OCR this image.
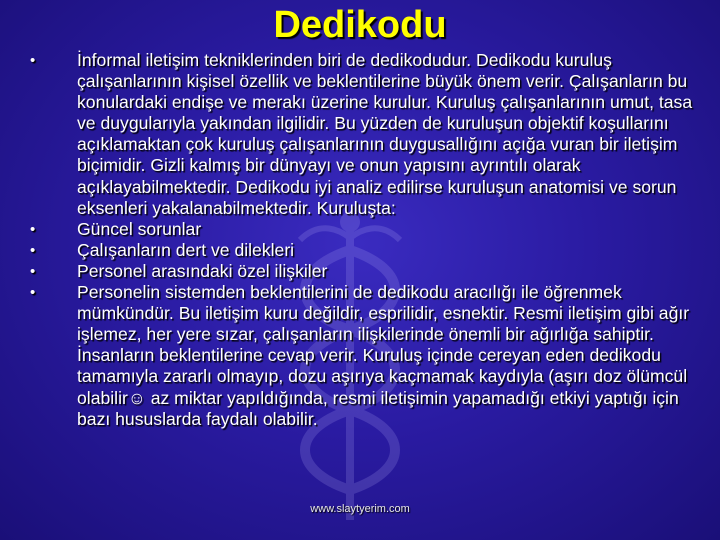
Dedikodu
• İnformal iletişim tekniklerinden biri de dedikodudur. Dedikodu kuruluş çalışanlarının kişisel özellik ve beklentilerine büyük önem verir. Çalışanların bu konulardaki endişe ve merakı üzerine kurulur. Kuruluş çalışanlarının umut, tasa ve duygularıyla yakından ilgilidir. Bu yüzden de kuruluşun objektif koşullarını açıklamaktan çok kuruluş çalışanlarının duygusallığını açığa vuran bir iletişim biçimidir. Gizli kalmış bir dünyayı ve onun yapısını ayrıntılı olarak açıklayabilmektedir. Dedikodu iyi analiz edilirse kuruluşun anatomisi ve sorun eksenleri yakalanabilmektedir. Kuruluşta:
• Güncel sorunlar
• Çalışanların dert ve dilekleri
• Personel arasındaki özel ilişkiler
• Personelin sistemden beklentilerini de dedikodu aracılığı ile öğrenmek mümkündür. Bu iletişim kuru değildir, esprilidir, esnektir. Resmi iletişim gibi ağır işlemez, her yere sızar, çalışanların ilişkilerinde önemli bir ağırlığa sahiptir. İnsanların beklentilerine cevap verir. Kuruluş içinde cereyan eden dedikodu tamamıyla zararlı olmayıp, dozu aşırıya kaçmamak kaydıyla (aşırı doz ölümcül olabilir☺ az miktar yapıldığında, resmi iletişimin yapamadığı etkiyi yaptığı için bazı hususlarda faydalı olabilir.
www.slaytyerim.com
